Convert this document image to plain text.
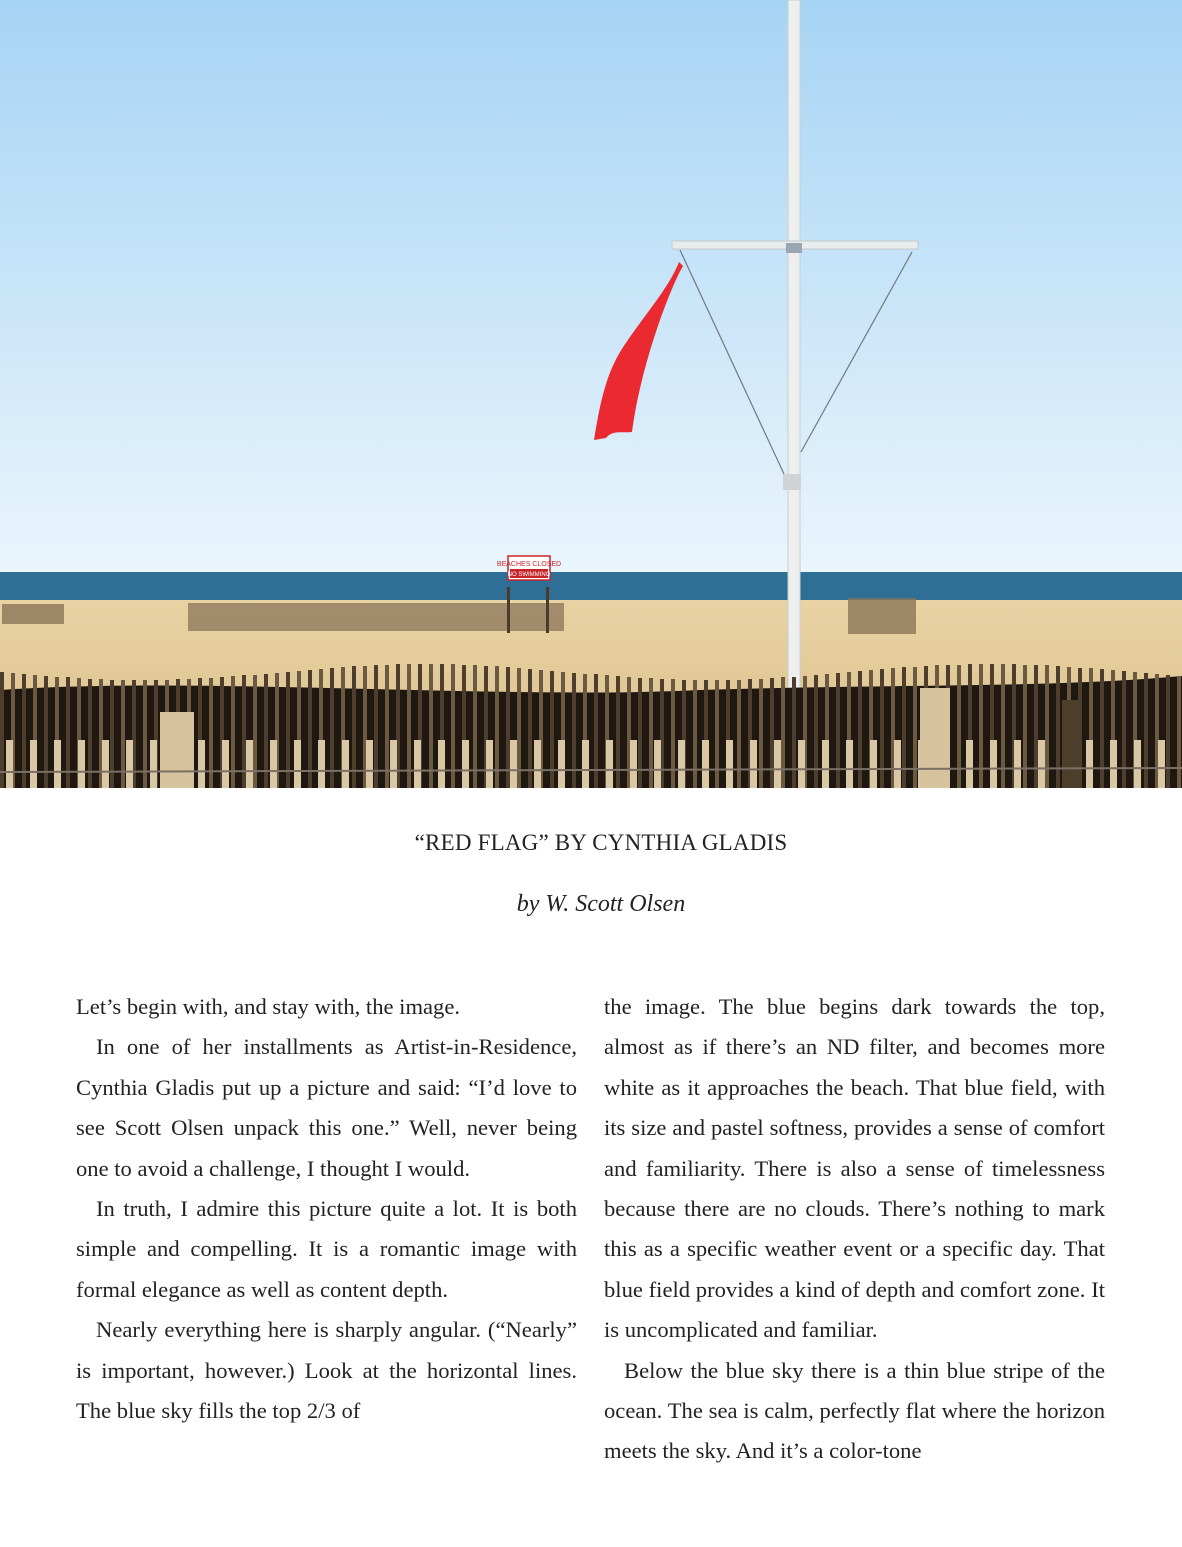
BEACHES CLOSED
NO SWIMMING
“RED FLAG” BY CYNTHIA GLADIS
by W. Scott Olsen

Let’s begin with, and stay with, the image.

In one of her installments as Artist-in-Residence, Cynthia Gladis put up a picture and said: “I’d love to see Scott Olsen unpack this one.” Well, never being one to avoid a challenge, I thought I would.

In truth, I admire this picture quite a lot. It is both simple and compelling. It is a romantic image with formal elegance as well as content depth.

Nearly everything here is sharply angular. (“Nearly” is important, however.) Look at the horizontal lines. The blue sky fills the top 2/3 of

the image. The blue begins dark towards the top, almost as if there’s an ND filter, and becomes more white as it approaches the beach. That blue field, with its size and pastel softness, provides a sense of comfort and familiarity. There is also a sense of timelessness because there are no clouds. There’s nothing to mark this as a specific weather event or a specific day. That blue field provides a kind of depth and comfort zone. It is uncomplicated and familiar.

Below the blue sky there is a thin blue stripe of the ocean. The sea is calm, perfectly flat where the horizon meets the sky. And it’s a color-tone
